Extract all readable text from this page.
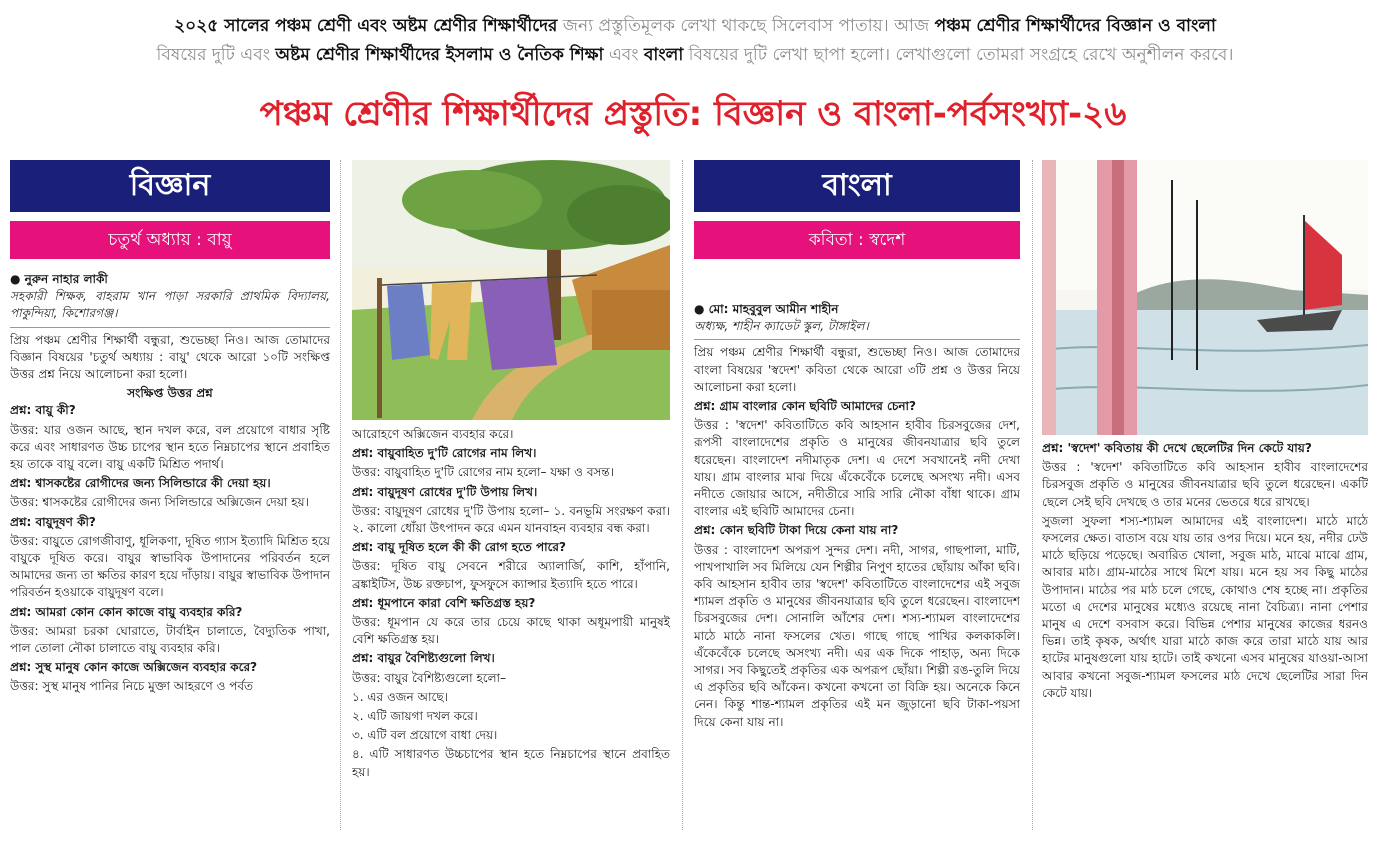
২০২৫ সালের পঞ্চম শ্রেণী এবং অষ্টম শ্রেণীর শিক্ষার্থীদের জন্য প্রস্তুতিমূলক লেখা থাকছে সিলেবাস পাতায়। আজ পঞ্চম শ্রেণীর শিক্ষার্থীদের বিজ্ঞান ও বাংলা
বিষয়ের দুটি এবং অষ্টম শ্রেণীর শিক্ষার্থীদের ইসলাম ও নৈতিক শিক্ষা এবং বাংলা বিষয়ের দুটি লেখা ছাপা হলো। লেখাগুলো তোমরা সংগ্রহে রেখে অনুশীলন করবে।
পঞ্চম শ্রেণীর শিক্ষার্থীদের প্রস্তুতি: বিজ্ঞান ও বাংলা-পর্বসংখ্যা-২৬
বিজ্ঞান
চতুর্থ অধ্যায় : বায়ু
● নুরুন নাহার লাকী
সহকারী শিক্ষক, বাহরাম খান পাড়া সরকারি প্রাথমিক বিদ্যালয়, পাকুন্দিয়া, কিশোরগঞ্জ।

প্রিয় পঞ্চম শ্রেণীর শিক্ষার্থী বন্ধুরা, শুভেচ্ছা নিও। আজ তোমাদের বিজ্ঞান বিষয়ের 'চতুর্থ অধ্যায় : বায়ু' থেকে আরো ১০টি সংক্ষিপ্ত উত্তর প্রশ্ন নিয়ে আলোচনা করা হলো।

সংক্ষিপ্ত উত্তর প্রশ্ন

প্রশ্ন: বায়ু কী?

উত্তর: যার ওজন আছে, স্থান দখল করে, বল প্রয়োগে বাধার সৃষ্টি করে এবং সাধারণত উচ্চ চাপের স্থান হতে নিম্নচাপের স্থানে প্রবাহিত হয় তাকে বায়ু বলে। বায়ু একটি মিশ্রিত পদার্থ।

প্রশ্ন: শ্বাসকষ্টের রোগীদের জন্য সিলিন্ডারে কী দেয়া হয়।

উত্তর: শ্বাসকষ্টের রোগীদের জন্য সিলিন্ডারে অক্সিজেন দেয়া হয়।

প্রশ্ন: বায়ুদূষণ কী?

উত্তর: বায়ুতে রোগজীবাণু, ধূলিকণা, দূষিত গ্যাস ইত্যাদি মিশ্রিত হয়ে বায়ুকে দূষিত করে। বায়ুর স্বাভাবিক উপাদানের পরিবর্তন হলে আমাদের জন্য তা ক্ষতির কারণ হয়ে দাঁড়ায়। বায়ুর স্বাভাবিক উপাদান পরিবর্তন হওয়াকে বায়ুদূষণ বলে।

প্রশ্ন: আমরা কোন কোন কাজে বায়ু ব্যবহার করি?

উত্তর: আমরা চরকা ঘোরাতে, টার্বাইন চালাতে, বৈদ্যুতিক পাখা, পাল তোলা নৌকা চালাতে বায়ু ব্যবহার করি।

প্রশ্ন: সুস্থ মানুষ কোন কাজে অক্সিজেন ব্যবহার করে?

উত্তর: সুস্থ মানুষ পানির নিচে মুক্তা আহরণে ও পর্বত

আরোহণে অক্সিজেন ব্যবহার করে।

প্রশ্ন: বায়ুবাহিত দু'টি রোগের নাম লিখ।

উত্তর: বায়ুবাহিত দু'টি রোগের নাম হলো– যক্ষা ও বসন্ত।

প্রশ্ন: বায়ুদূষণ রোধের দু'টি উপায় লিখ।

উত্তর: বায়ুদূষণ রোধের দু'টি উপায় হলো– ১. বনভূমি সংরক্ষণ করা। ২. কালো ধোঁয়া উৎপাদন করে এমন যানবাহন ব্যবহার বন্ধ করা।

প্রশ্ন: বায়ু দূষিত হলে কী কী রোগ হতে পারে?

উত্তর: দূষিত বায়ু সেবনে শরীরে অ্যালার্জি, কাশি, হাঁপানি, ব্রঙ্কাইটিস, উচ্চ রক্তচাপ, ফুসফুসে ক্যান্সার ইত্যাদি হতে পারে।

প্রশ্ন: ধূমপানে কারা বেশি ক্ষতিগ্রস্ত হয়?

উত্তর: ধূমপান যে করে তার চেয়ে কাছে থাকা অধূমপায়ী মানুষই বেশি ক্ষতিগ্রস্ত হয়।

প্রশ্ন: বায়ুর বৈশিষ্ট্যগুলো লিখ।

উত্তর: বায়ুর বৈশিষ্ট্যগুলো হলো–

১. এর ওজন আছে।

২. এটি জায়গা দখল করে।

৩. এটি বল প্রয়োগে বাধা দেয়।

৪. এটি সাধারণত উচ্চচাপের স্থান হতে নিম্নচাপের স্থানে প্রবাহিত হয়।

বাংলা
কবিতা : স্বদেশ
● মো: মাহবুবুল আমীন শাহীন
অধ্যক্ষ, শাহীন ক্যাডেট স্কুল, টাঙ্গাইল।

প্রিয় পঞ্চম শ্রেণীর শিক্ষার্থী বন্ধুরা, শুভেচ্ছা নিও। আজ তোমাদের বাংলা বিষয়ের 'স্বদেশ' কবিতা থেকে আরো ৩টি প্রশ্ন ও উত্তর নিয়ে আলোচনা করা হলো।

প্রশ্ন: গ্রাম বাংলার কোন ছবিটি আমাদের চেনা?

উত্তর : 'স্বদেশ' কবিতাটিতে কবি আহসান হাবীব চিরসবুজের দেশ, রূপসী বাংলাদেশের প্রকৃতি ও মানুষের জীবনযাত্রার ছবি তুলে ধরেছেন। বাংলাদেশ নদীমাতৃক দেশ। এ দেশে সবখানেই নদী দেখা যায়। গ্রাম বাংলার মাঝ দিয়ে এঁকেবেঁকে চলেছে অসংখ্য নদী। এসব নদীতে জোয়ার আসে, নদীতীরে সারি সারি নৌকা বাঁধা থাকে। গ্রাম বাংলার এই ছবিটি আমাদের চেনা।

প্রশ্ন: কোন ছবিটি টাকা দিয়ে কেনা যায় না?

উত্তর : বাংলাদেশ অপরূপ সুন্দর দেশ। নদী, সাগর, গাছপালা, মাটি, পাখপাখালি সব মিলিয়ে যেন শিল্পীর নিপুণ হাতের ছোঁয়ায় আঁকা ছবি। কবি আহসান হাবীব তার 'স্বদেশ' কবিতাটিতে বাংলাদেশের এই সবুজ শ্যামল প্রকৃতি ও মানুষের জীবনযাত্রার ছবি তুলে ধরেছেন। বাংলাদেশ চিরসবুজের দেশ। সোনালি আঁশের দেশ। শস্য-শ্যামল বাংলাদেশের মাঠে মাঠে নানা ফসলের খেত। গাছে গাছে পাখির কলকাকলি। এঁকেবেঁকে চলেছে অসংখ্য নদী। এর এক দিকে পাহাড়, অন্য দিকে সাগর। সব কিছুতেই প্রকৃতির এক অপরূপ ছোঁয়া। শিল্পী রঙ-তুলি দিয়ে এ প্রকৃতির ছবি আঁকেন। কখনো কখনো তা বিক্রি হয়। অনেকে কিনে নেন। কিন্তু শান্ত-শ্যামল প্রকৃতির এই মন জুড়ানো ছবি টাকা-পয়সা দিয়ে কেনা যায় না।

প্রশ্ন: 'স্বদেশ' কবিতায় কী দেখে ছেলেটির দিন কেটে যায়?

উত্তর : 'স্বদেশ' কবিতাটিতে কবি আহসান হাবীব বাংলাদেশের চিরসবুজ প্রকৃতি ও মানুষের জীবনযাত্রার ছবি তুলে ধরেছেন। একটি ছেলে সেই ছবি দেখছে ও তার মনের ভেতরে ধরে রাখছে।

সুজলা সুফলা শস্য-শ্যামল আমাদের এই বাংলাদেশ। মাঠে মাঠে ফসলের ক্ষেত। বাতাস বয়ে যায় তার ওপর দিয়ে। মনে হয়, নদীর ঢেউ মাঠে ছড়িয়ে পড়েছে। অবারিত খোলা, সবুজ মাঠ, মাঝে মাঝে গ্রাম, আবার মাঠ। গ্রাম-মাঠের সাথে মিশে যায়। মনে হয় সব কিছু মাঠের উপাদান। মাঠের পর মাঠ চলে গেছে, কোথাও শেষ হচ্ছে না। প্রকৃতির মতো এ দেশের মানুষের মধ্যেও রয়েছে নানা বৈচিত্র্য। নানা পেশার মানুষ এ দেশে বসবাস করে। বিভিন্ন পেশার মানুষের কাজের ধরনও ভিন্ন। তাই কৃষক, অর্থাৎ যারা মাঠে কাজ করে তারা মাঠে যায় আর হাটের মানুষগুলো যায় হাটে। তাই কখনো এসব মানুষের যাওয়া-আসা আবার কখনো সবুজ-শ্যামল ফসলের মাঠ দেখে ছেলেটির সারা দিন কেটে যায়।
